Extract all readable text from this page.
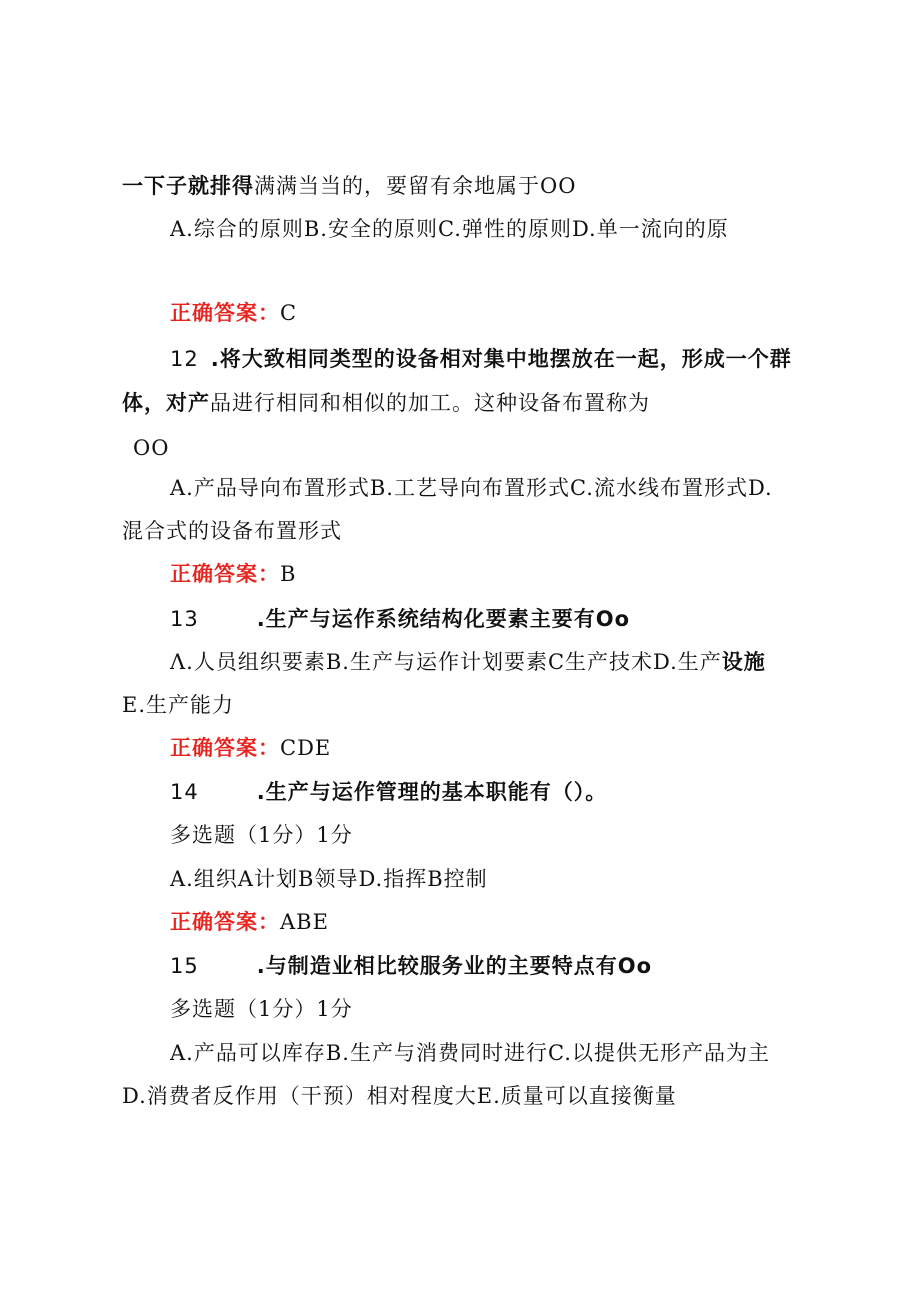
一下子就排得满满当当的，要留有余地属于OO
A.综合的原则B.安全的原则C.弹性的原则D.单一流向的原
正确答案：C
12 .将大致相同类型的设备相对集中地摆放在一起，形成一个群
体，对产品进行相同和相似的加工。这种设备布置称为
OO
A.产品导向布置形式B.工艺导向布置形式C.流水线布置形式D.
混合式的设备布置形式
正确答案：B
13	.生产与运作系统结构化要素主要有Oo
Λ.人员组织要素B.生产与运作计划要素C生产技术D.生产设施
E.生产能力
正确答案：CDE
14	.生产与运作管理的基本职能有（）。
多选题（1分）1分
A.组织A计划B领导D.指挥B控制
正确答案：ABE
15	.与制造业相比较服务业的主要特点有Oo
多选题（1分）1分
A.产品可以库存B.生产与消费同时进行C.以提供无形产品为主
D.消费者反作用（干预）相对程度大E.质量可以直接衡量
